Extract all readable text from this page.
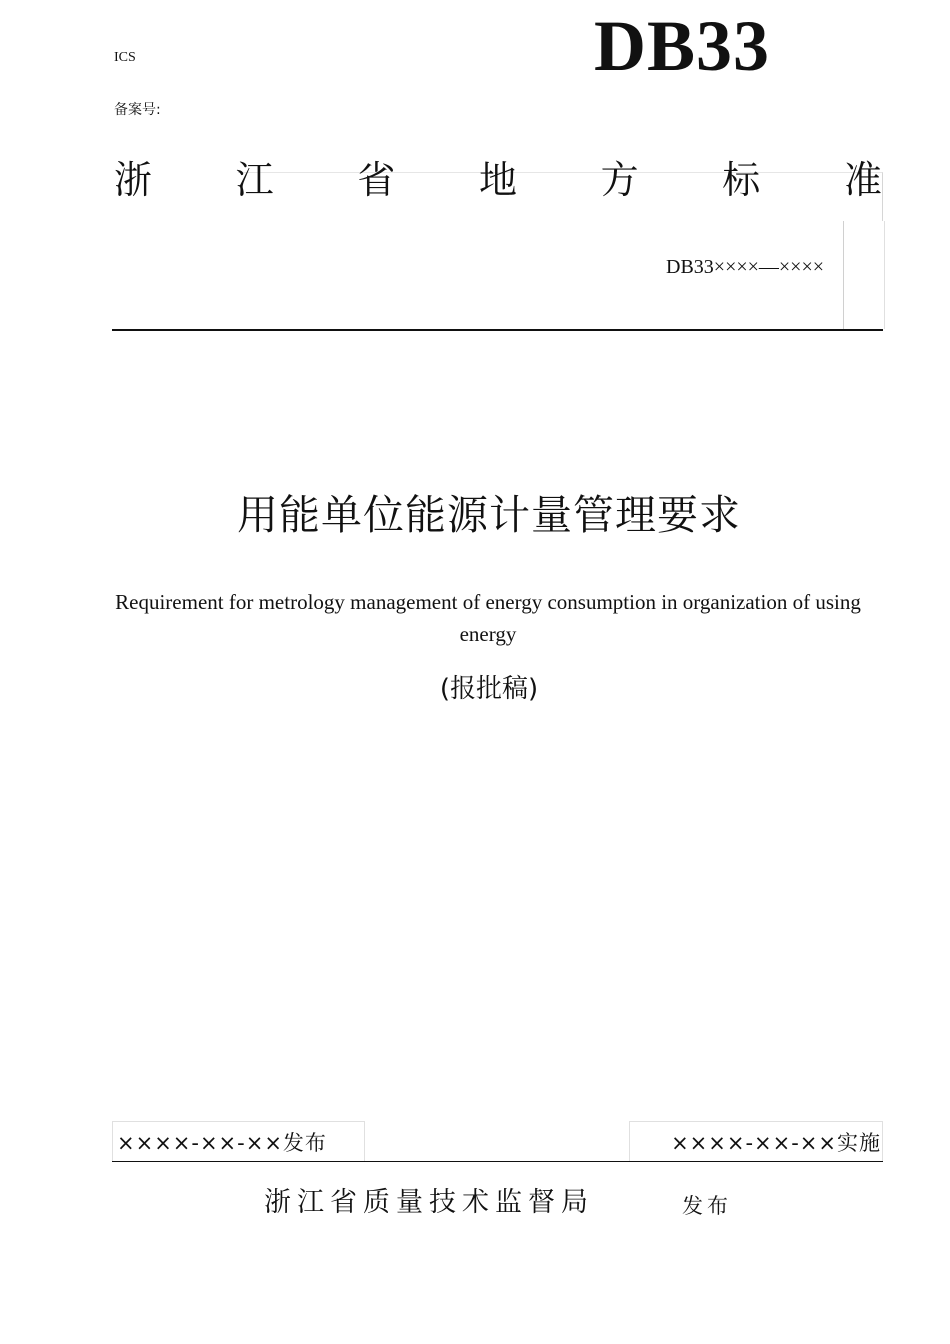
ICS
备案号:
DB33
浙 江 省 地 方 标 准
DB33××××—××××
用能单位能源计量管理要求
Requirement for metrology management of energy consumption in organization of using energy
(报批稿)
××××-××-××发布	××××-××-××实施
浙江省质量技术监督局	发布
